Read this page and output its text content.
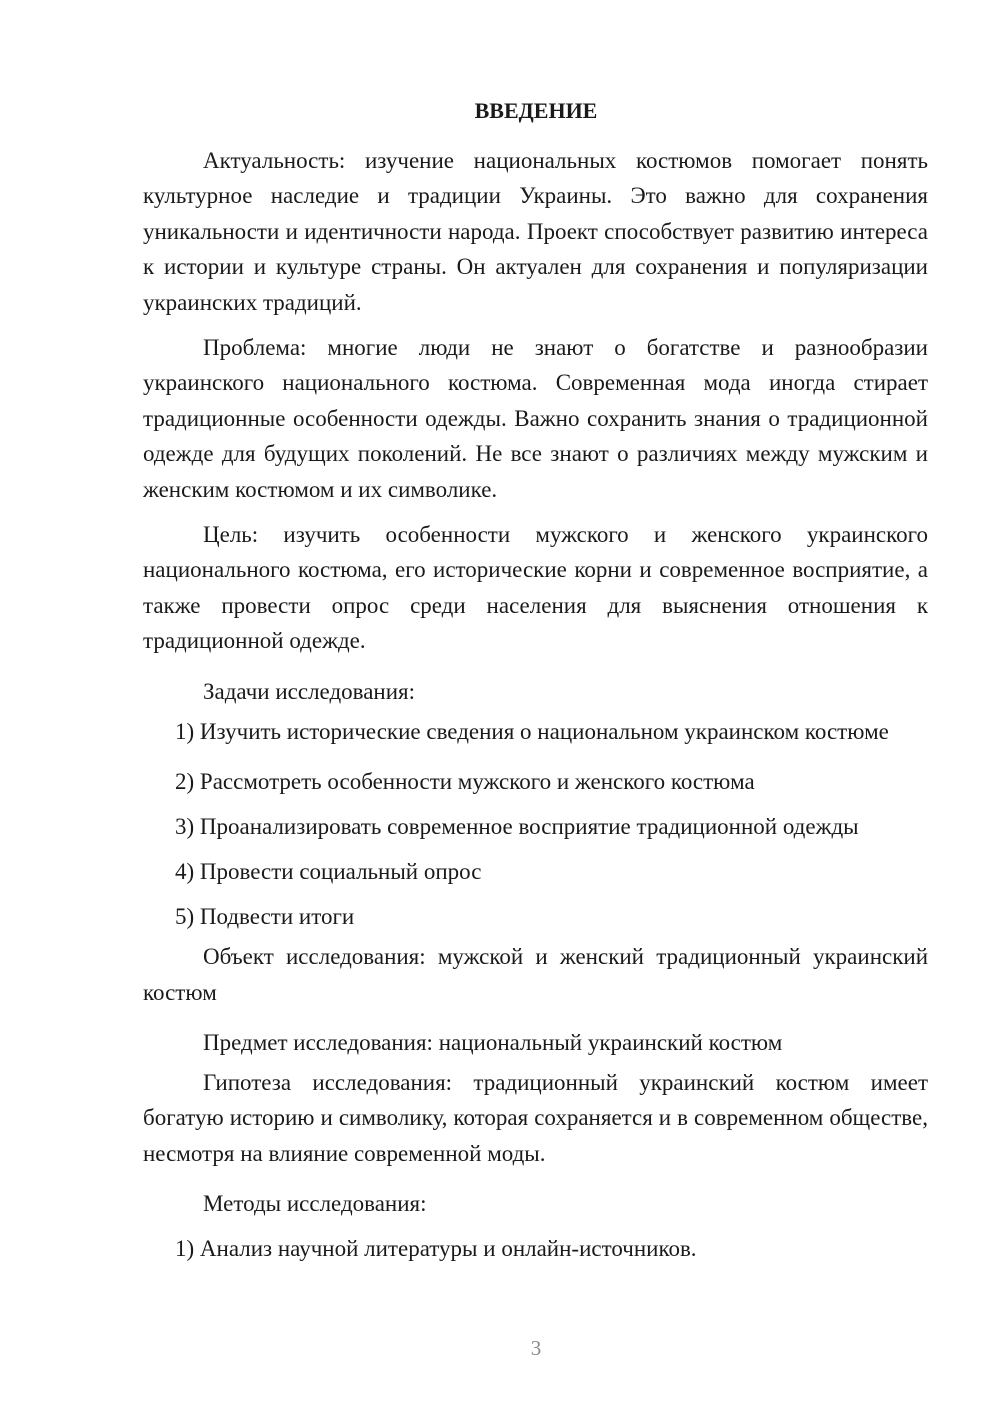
ВВЕДЕНИЕ

Актуальность: изучение национальных костюмов помогает понять культурное наследие и традиции Украины. Это важно для сохранения уникальности и идентичности народа. Проект способствует развитию интереса к истории и культуре страны. Он актуален для сохранения и популяризации украинских традиций.

Проблема: многие люди не знают о богатстве и разнообразии украинского национального костюма. Современная мода иногда стирает традиционные особенности одежды. Важно сохранить знания о традиционной одежде для будущих поколений. Не все знают о различиях между мужским и женским костюмом и их символике.

Цель: изучить особенности мужского и женского украинского национального костюма, его исторические корни и современное восприятие, а также провести опрос среди населения для выяснения отношения к традиционной одежде.

Задачи исследования:

1) Изучить исторические сведения о национальном украинском костюме

2) Рассмотреть особенности мужского и женского костюма

3) Проанализировать современное восприятие традиционной одежды

4) Провести социальный опрос

5) Подвести итоги

Объект исследования: мужской и женский традиционный украинский костюм

Предмет исследования: национальный украинский костюм

Гипотеза исследования: традиционный украинский костюм имеет богатую историю и символику, которая сохраняется и в современном обществе, несмотря на влияние современной моды.

Методы исследования:

1) Анализ научной литературы и онлайн-источников.

3
